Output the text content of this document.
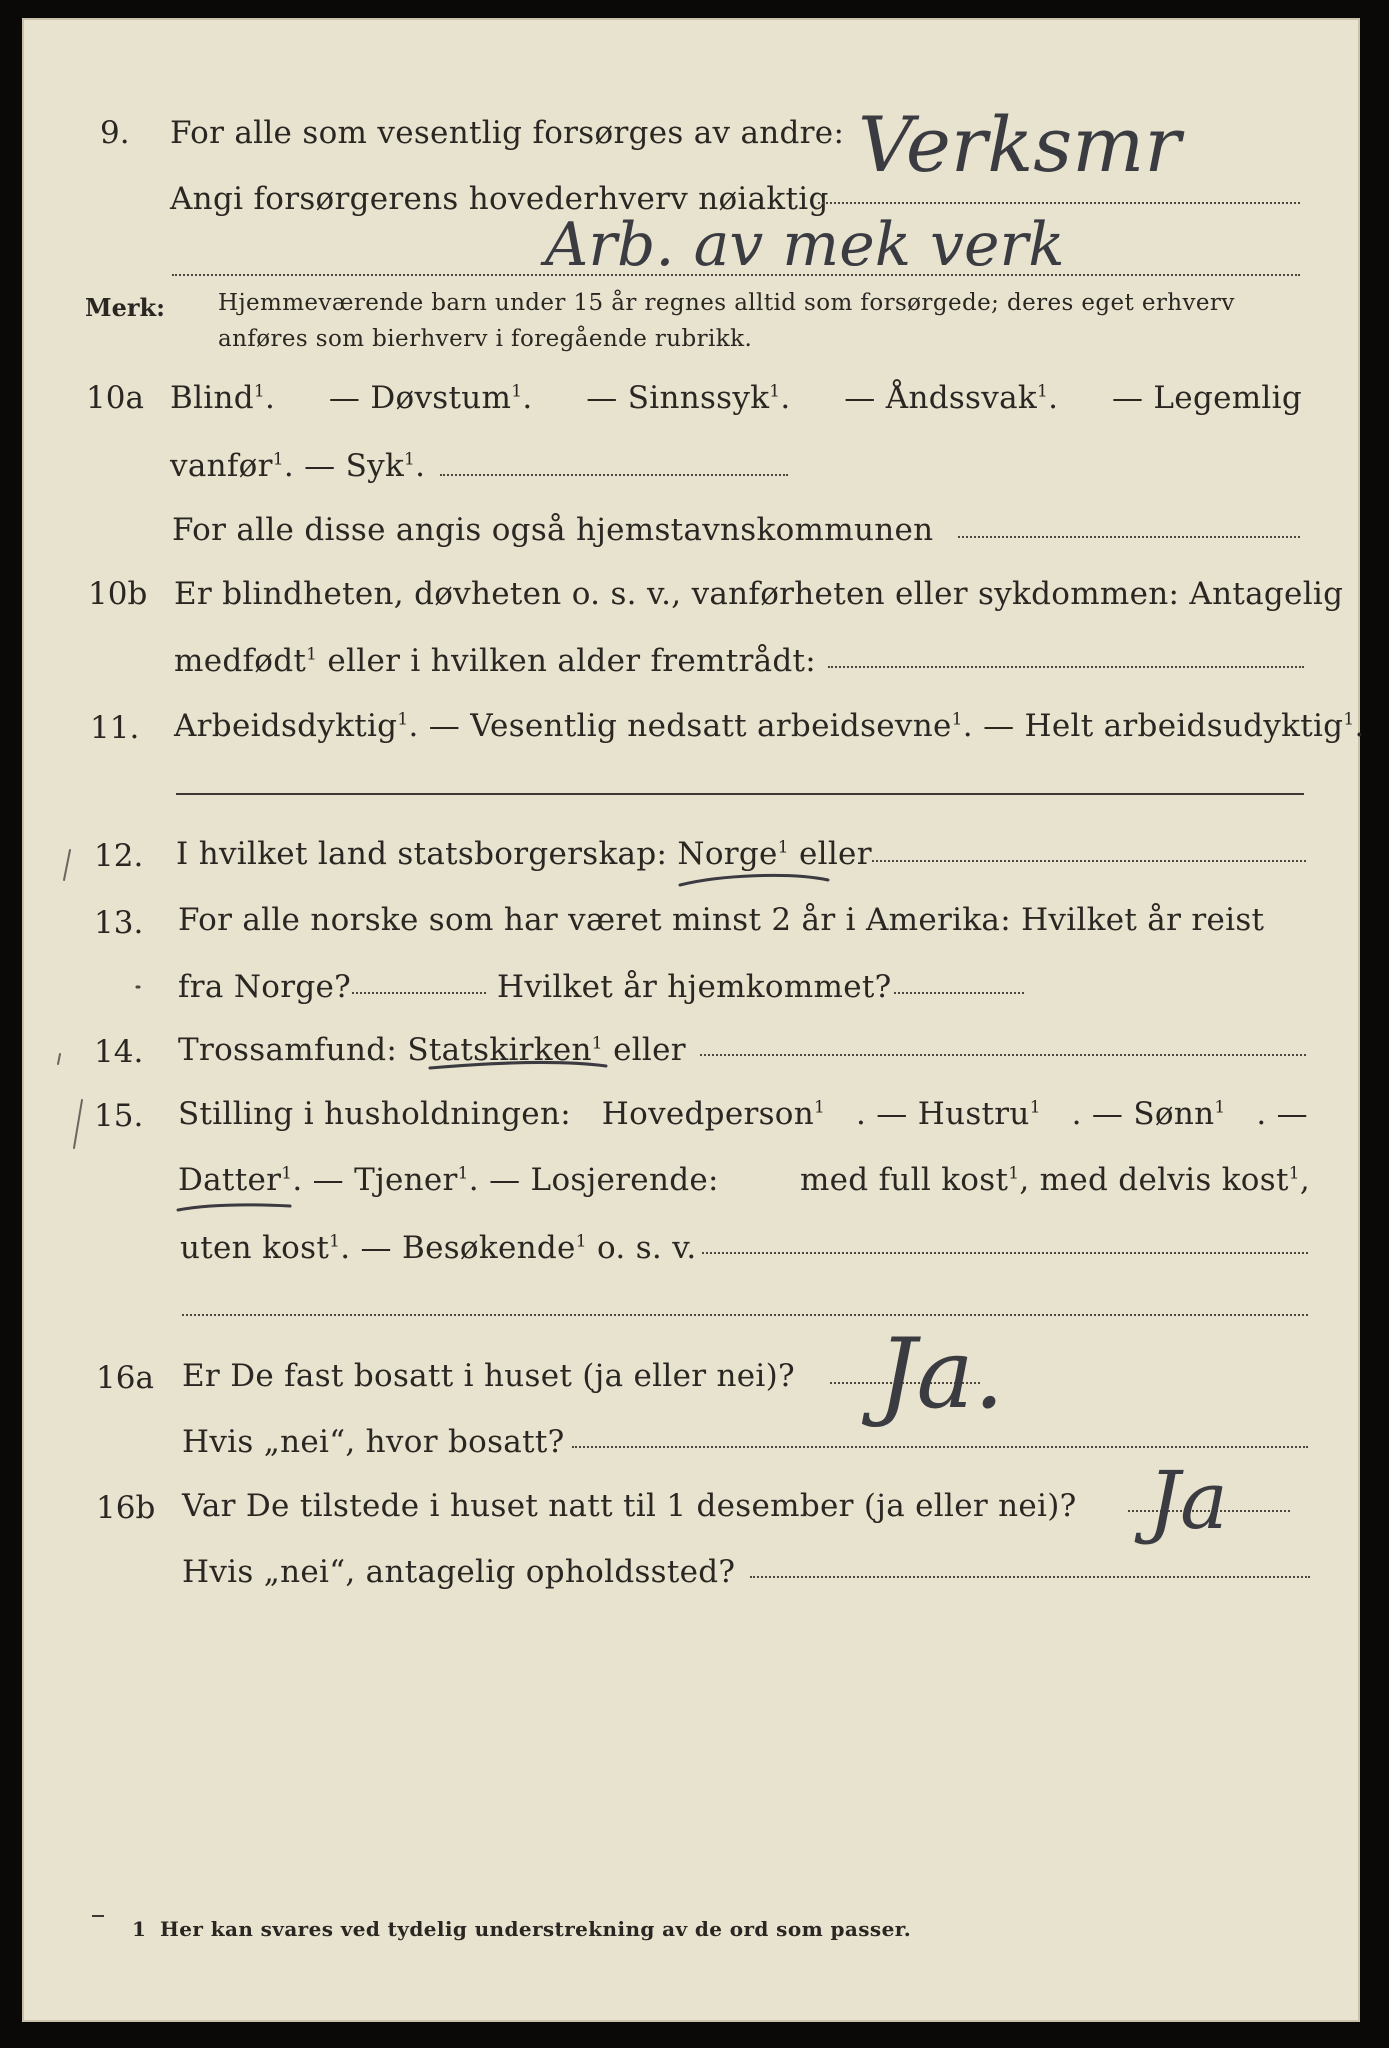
9. For alle som vesentlig forsørges av andre:
Angi forsørgerens hovederhverv nøiaktig
Verksmr
Arb. av mek verk
Merk: Hjemmeværende barn under 15 år regnes alltid som forsørgede; deres eget erhverv
anføres som bierhverv i foregående rubrikk.
10a Blind$^1$. — Døvstum$^1$. — Sinnssyk$^1$. — Åndssvak$^1$. — Legemlig
vanfør$^1$. — Syk$^1$.
For alle disse angis også hjemstavnskommunen
10b Er blindheten, døvheten o. s. v., vanførheten eller sykdommen: Antagelig
medfødt$^1$ eller i hvilken alder fremtrådt:
11. Arbeidsdyktig$^1$. — Vesentlig nedsatt arbeidsevne$^1$. — Helt arbeidsudyktig$^1$.
12. I hvilket land statsborgerskap: Norge$^1$ eller
13. For alle norske som har været minst 2 år i Amerika: Hvilket år reist
fra Norge?	Hvilket år hjemkommet?
14. Trossamfund: Statskirken$^1$ eller
15. Stilling i husholdningen: Hovedperson$^1$ . — Hustru$^1$ . — Sønn$^1$ . —
Datter$^1$. — Tjener$^1$. — Losjerende:	med full kost$^1$, med delvis kost$^1$,
uten kost$^1$. — Besøkende$^1$ o. s. v.
16a Er De fast bosatt i huset (ja eller nei)?
Hvis „nei“, hvor bosatt?
Ja.
16b Var De tilstede i huset natt til 1 desember (ja eller nei)?
Hvis „nei“, antagelig opholdssted?
Ja
1 Her kan svares ved tydelig understrekning av de ord som passer.
